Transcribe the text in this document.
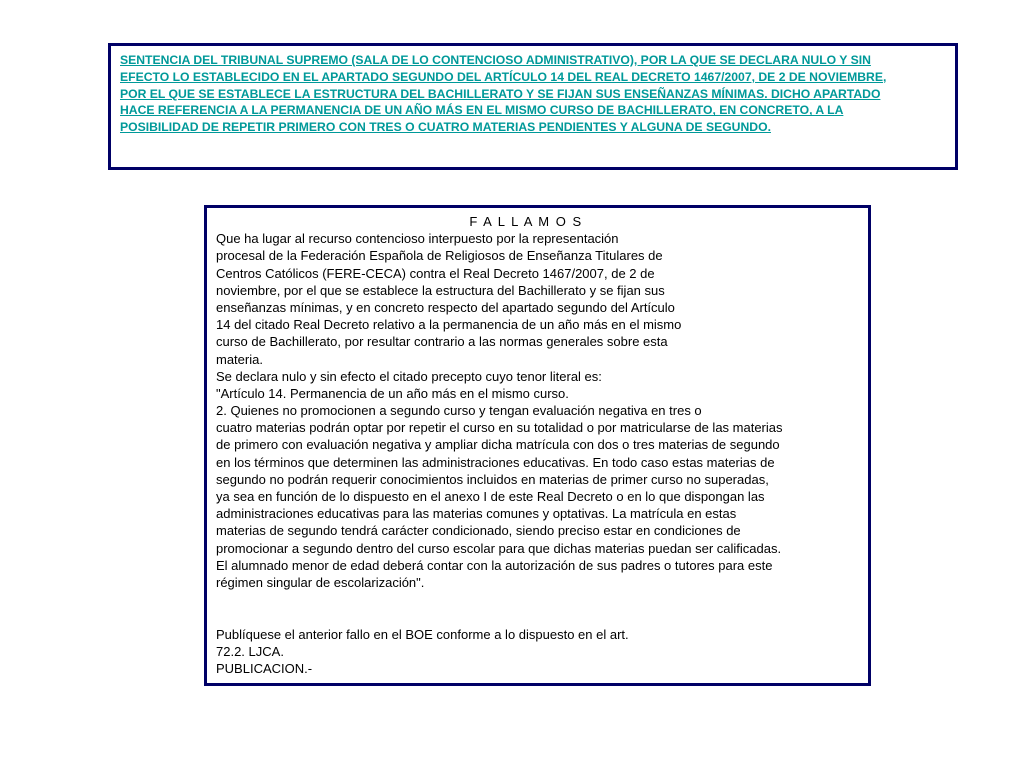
SENTENCIA DEL TRIBUNAL SUPREMO (SALA DE LO CONTENCIOSO ADMINISTRATIVO), POR LA QUE SE DECLARA NULO Y SIN
EFECTO LO ESTABLECIDO EN EL APARTADO SEGUNDO DEL ARTÍCULO 14 DEL REAL DECRETO 1467/2007, DE 2 DE NOVIEMBRE,
POR EL QUE SE ESTABLECE LA ESTRUCTURA DEL BACHILLERATO Y SE FIJAN SUS ENSEÑANZAS MÍNIMAS. DICHO APARTADO
HACE REFERENCIA A LA PERMANENCIA DE UN AÑO MÁS EN EL MISMO CURSO DE BACHILLERATO, EN CONCRETO, A LA
POSIBILIDAD DE REPETIR PRIMERO CON TRES O CUATRO MATERIAS PENDIENTES Y ALGUNA DE SEGUNDO.
F A L L A M O S
Que ha lugar al recurso contencioso interpuesto por la representación
procesal de la Federación Española de Religiosos de Enseñanza Titulares de
Centros Católicos (FERE-CECA) contra el Real Decreto 1467/2007, de 2 de
noviembre, por el que se establece la estructura del Bachillerato y se fijan sus
enseñanzas mínimas, y en concreto respecto del apartado segundo del Artículo
14 del citado Real Decreto relativo a la permanencia de un año más en el mismo
curso de Bachillerato, por resultar contrario a las normas generales sobre esta
materia.
Se declara nulo y sin efecto el citado precepto cuyo tenor literal es:
"Artículo 14. Permanencia de un año más en el mismo curso.
2. Quienes no promocionen a segundo curso y tengan evaluación negativa en tres o
cuatro materias podrán optar por repetir el curso en su totalidad o por matricularse de las materias
de primero con evaluación negativa y ampliar dicha matrícula con dos o tres materias de segundo
en los términos que determinen las administraciones educativas. En todo caso estas materias de
segundo no podrán requerir conocimientos incluidos en materias de primer curso no superadas,
ya sea en función de lo dispuesto en el anexo I de este Real Decreto o en lo que dispongan las
administraciones educativas para las materias comunes y optativas. La matrícula en estas
materias de segundo tendrá carácter condicionado, siendo preciso estar en condiciones de
promocionar a segundo dentro del curso escolar para que dichas materias puedan ser calificadas.
El alumnado menor de edad deberá contar con la autorización de sus padres o tutores para este
régimen singular de escolarización".
Publíquese el anterior fallo en el BOE conforme a lo dispuesto en el art.
72.2. LJCA.
PUBLICACION.-
